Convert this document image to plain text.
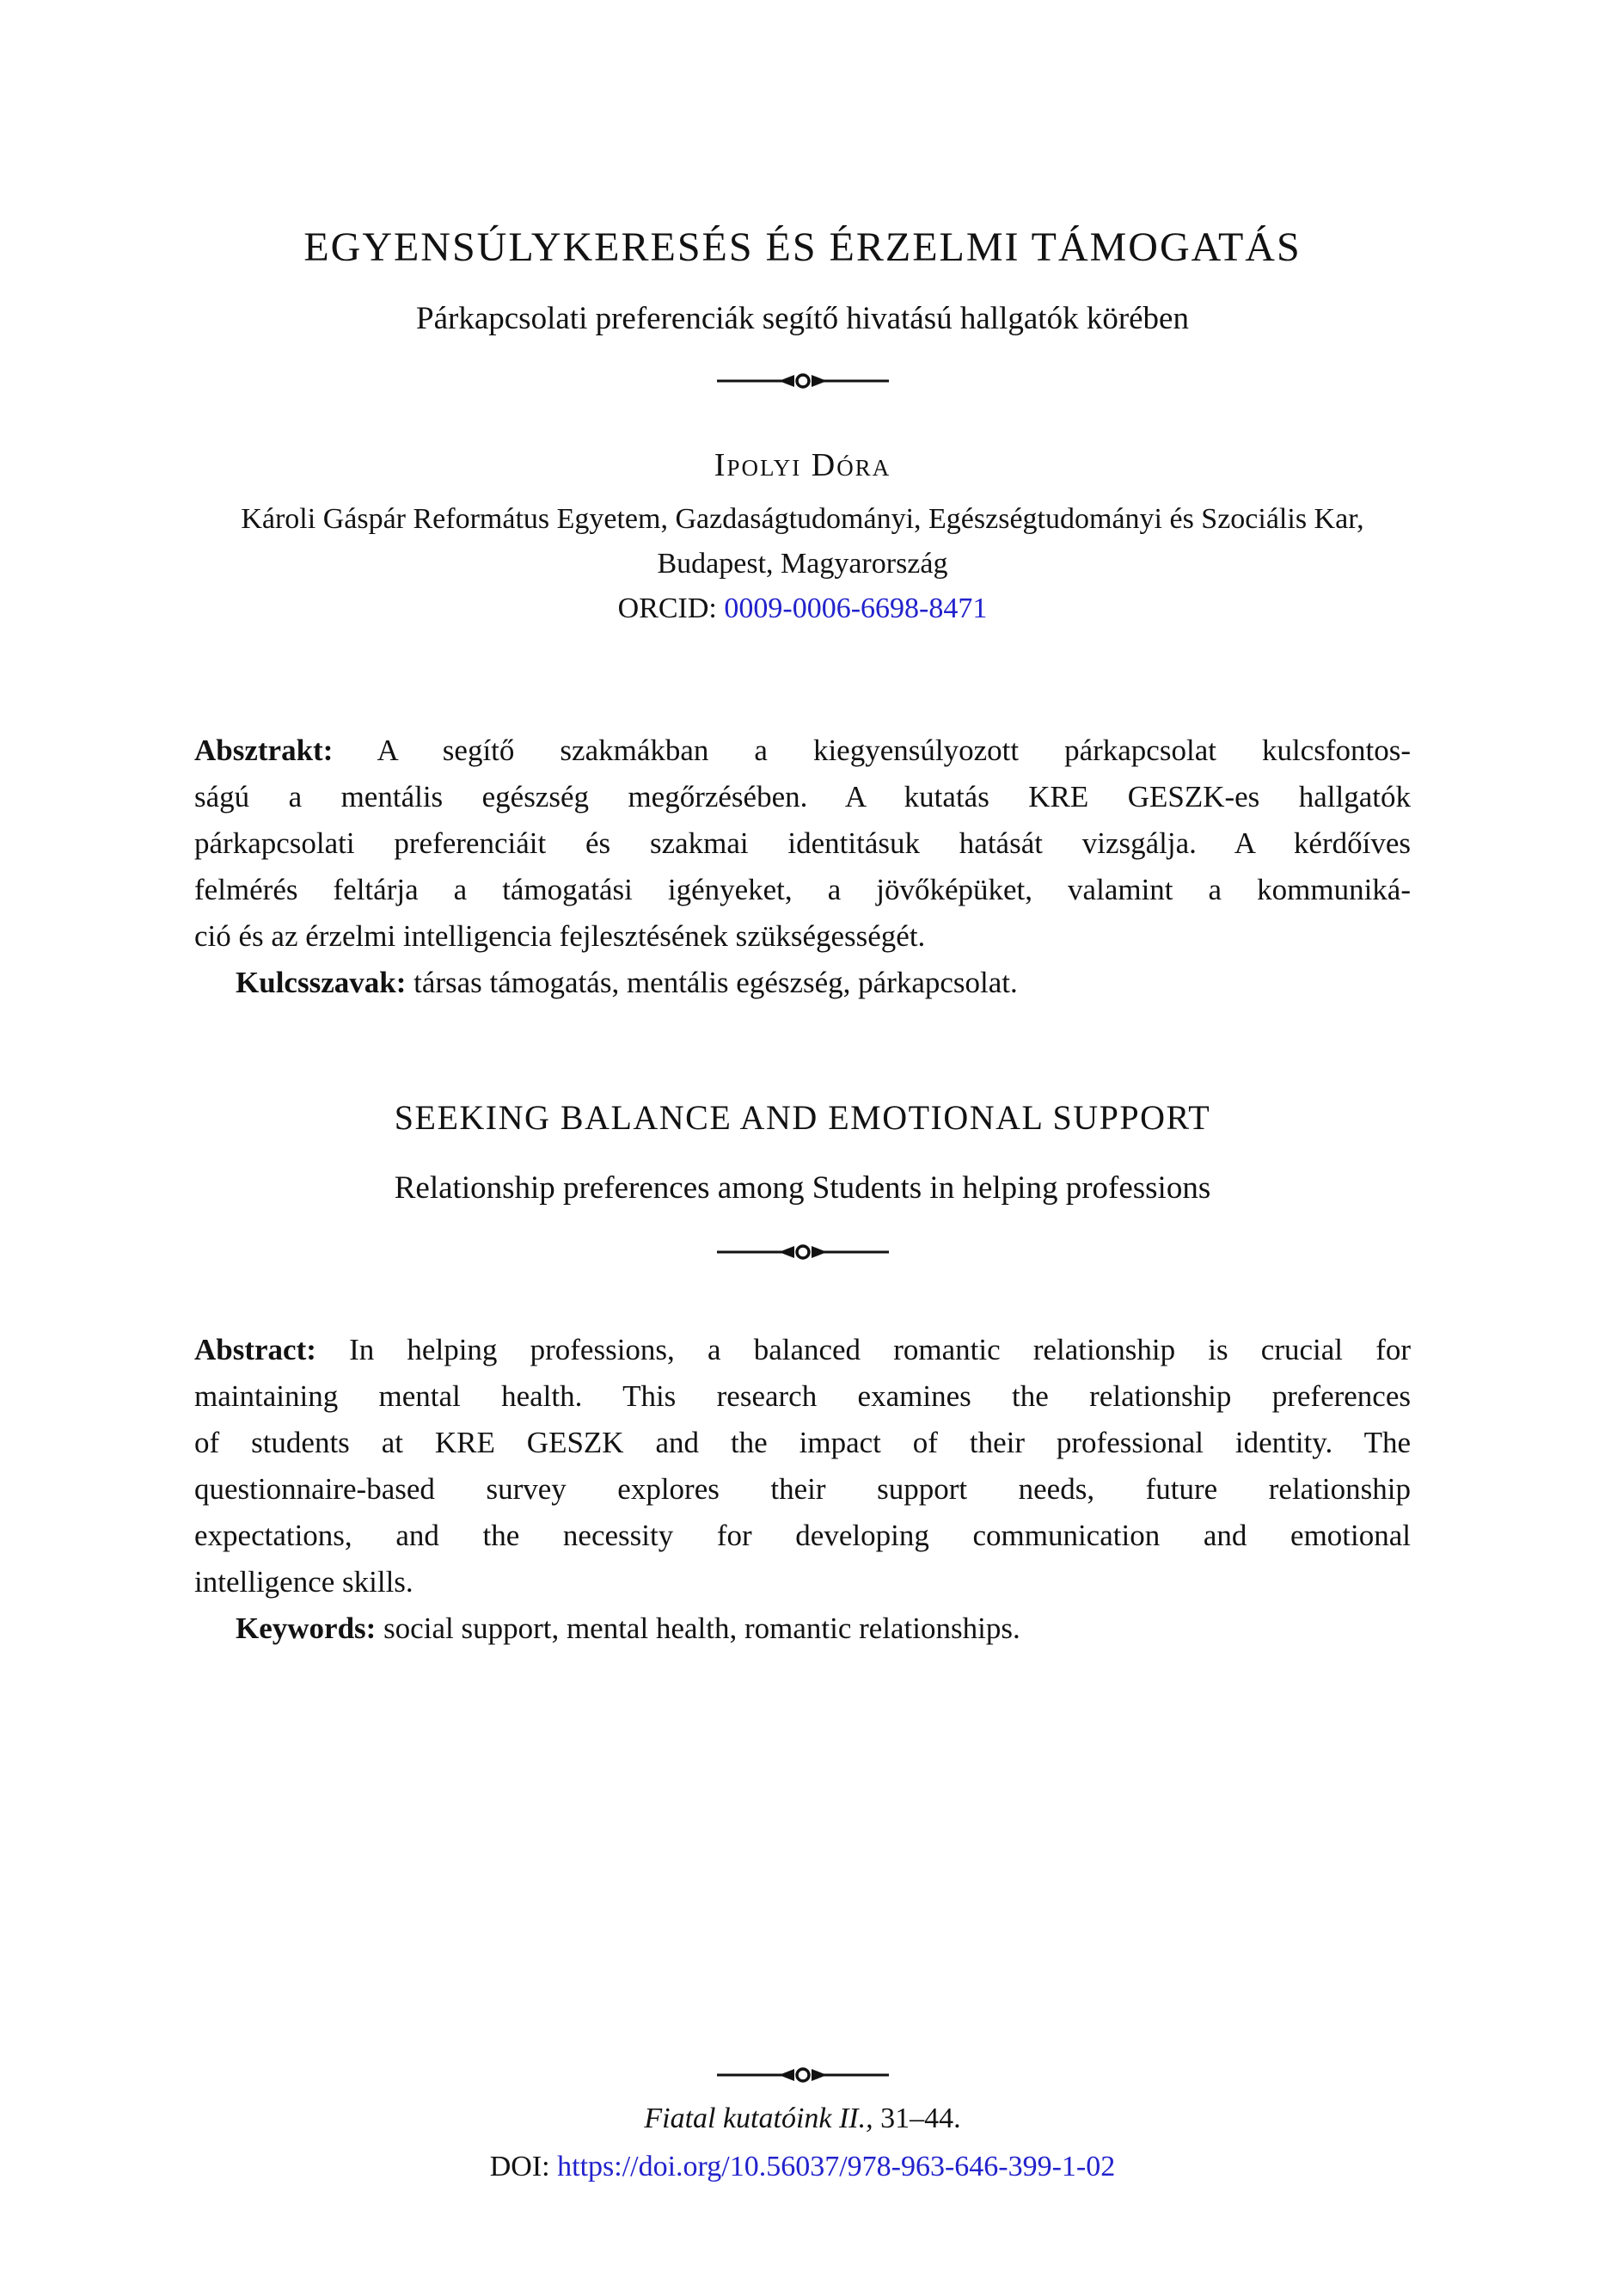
EGYENSÚLYKERESÉS ÉS ÉRZELMI TÁMOGATÁS
Párkapcsolati preferenciák segítő hivatású hallgatók körében
Ipolyi Dóra
Károli Gáspár Református Egyetem, Gazdaságtudományi, Egészségtudományi és Szociális Kar,
Budapest, Magyarország
ORCID: 0009-0006-6698-8471

Absztrakt: A segítő szakmákban a kiegyensúlyozott párkapcsolat kulcsfontos-

ságú a mentális egészség megőrzésében. A kutatás KRE GESZK-es hallgatók
párkapcsolati preferenciáit és szakmai identitásuk hatását vizsgálja. A kérdőíves
felmérés feltárja a támogatási igényeket, a jövőképüket, valamint a kommuniká-
ció és az érzelmi intelligencia fejlesztésének szükségességét.

Kulcsszavak: társas támogatás, mentális egészség, párkapcsolat.

SEEKING BALANCE AND EMOTIONAL SUPPORT
Relationship preferences among Students in helping professions

Abstract: In helping professions, a balanced romantic relationship is crucial for

maintaining mental health. This research examines the relationship preferences
of students at KRE GESZK and the impact of their professional identity. The
questionnaire-based survey explores their support needs, future relationship
expectations, and the necessity for developing communication and emotional
intelligence skills.

Keywords: social support, mental health, romantic relationships.

Fiatal kutatóink II., 31–44.
DOI: https://doi.org/10.56037/978-963-646-399-1-02
